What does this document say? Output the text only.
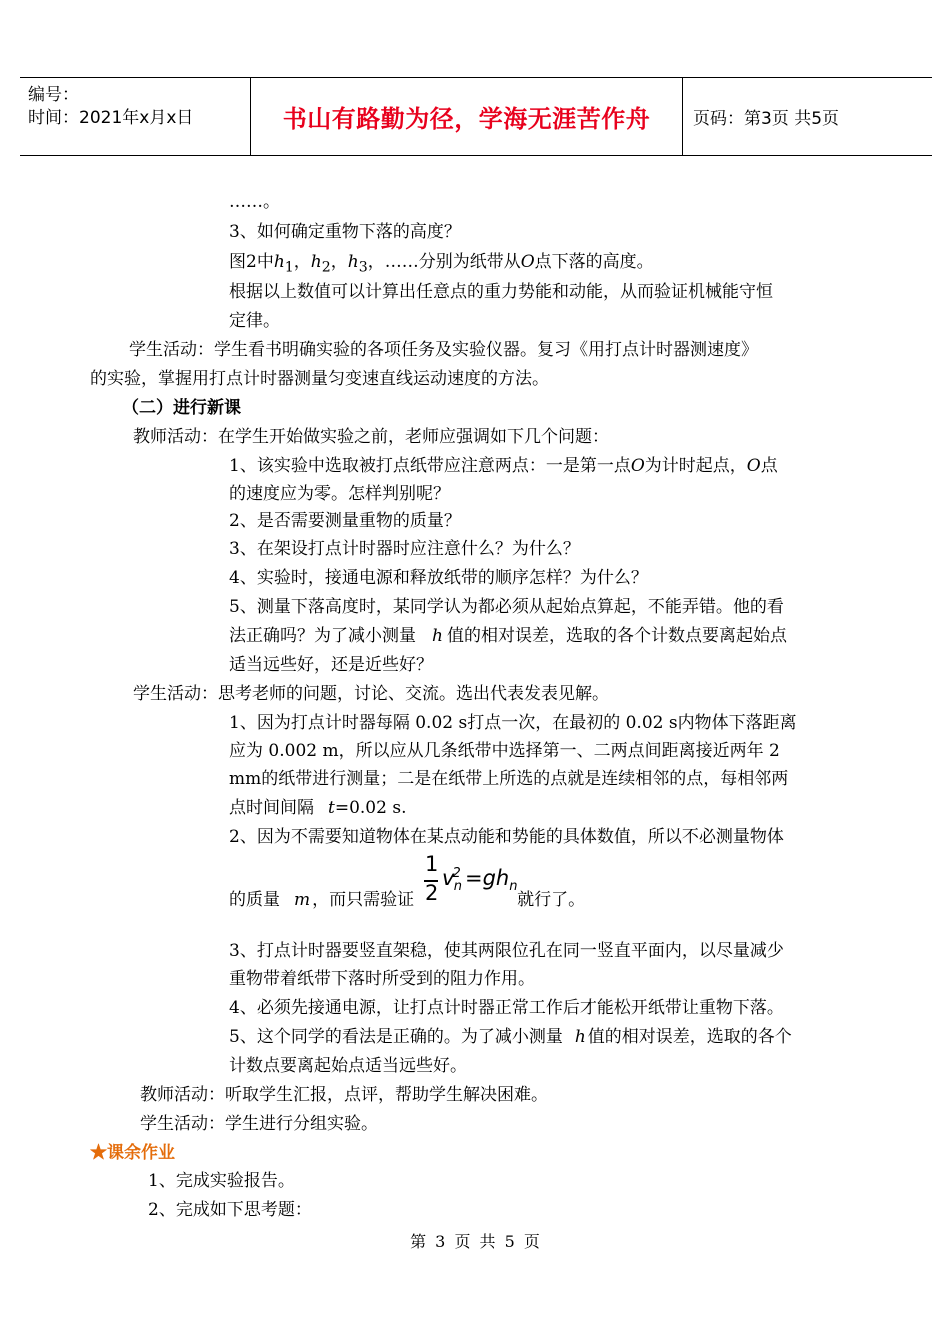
编号：
时间：2021年x月x日	书山有路勤为径，学海无涯苦作舟	页码：第3页 共5页
……。
3、如何确定重物下落的高度？
图2中$h_1$，$h_2$，$h_3$，……分别为纸带从O点下落的高度。
根据以上数值可以计算出任意点的重力势能和动能，从而验证机械能守恒
定律。
学生活动：学生看书明确实验的各项任务及实验仪器。复习《用打点计时器测速度》
的实验，掌握用打点计时器测量匀变速直线运动速度的方法。
（二）进行新课
教师活动：在学生开始做实验之前，老师应强调如下几个问题：
1、该实验中选取被打点纸带应注意两点：一是第一点O为计时起点，O点
的速度应为零。怎样判别呢？
2、是否需要测量重物的质量？
3、在架设打点计时器时应注意什么？为什么？
4、实验时，接通电源和释放纸带的顺序怎样？为什么？
5、测量下落高度时，某同学认为都必须从起始点算起，不能弄错。他的看
法正确吗？为了减小测量 h 值的相对误差，选取的各个计数点要离起始点
适当远些好，还是近些好？
学生活动：思考老师的问题，讨论、交流。选出代表发表见解。
1、因为打点计时器每隔 0.02 s打点一次，在最初的 0.02 s内物体下落距离
应为 0.002 m，所以应从几条纸带中选择第一、二两点间距离接近两年 2
mm的纸带进行测量；二是在纸带上所选的点就是连续相邻的点，每相邻两
点时间间隔 t=0.02 s.
2、因为不需要知道物体在某点动能和势能的具体数值，所以不必测量物体
的质量 m ，而只需验证	就行了。
1
2
$v^2_n =gh_n$
3、打点计时器要竖直架稳，使其两限位孔在同一竖直平面内，以尽量减少
重物带着纸带下落时所受到的阻力作用。
4、必须先接通电源，让打点计时器正常工作后才能松开纸带让重物下落。
5、这个同学的看法是正确的。为了减小测量 h 值的相对误差，选取的各个
计数点要离起始点适当远些好。
教师活动：听取学生汇报，点评，帮助学生解决困难。
学生活动：学生进行分组实验。
★课余作业
1、完成实验报告。
2、完成如下思考题：
第 3 页 共 5 页
